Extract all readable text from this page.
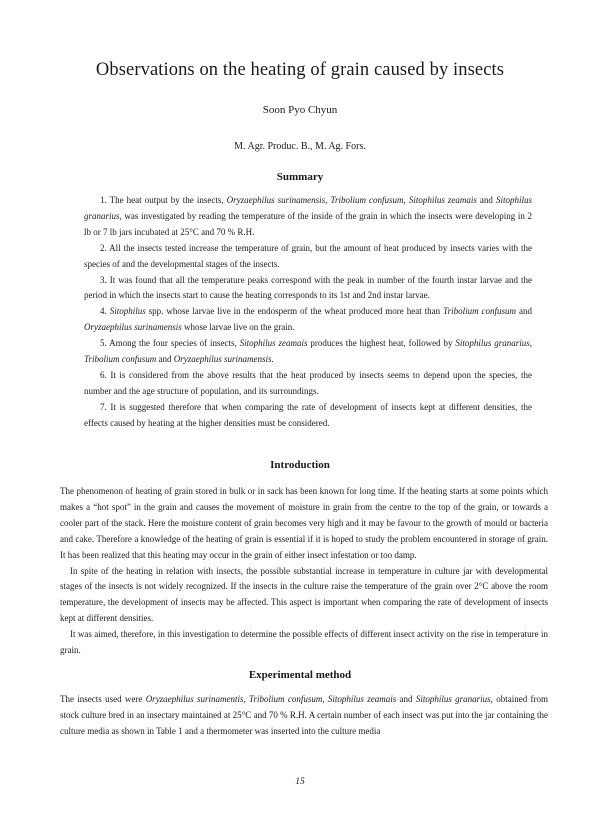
Observations on the heating of grain caused by insects
Soon Pyo Chyun
M. Agr. Produc. B., M. Ag. Fors.
Summary

1. The heat output by the insects, Oryzaephilus surinamensis, Tribolium confusum, Sitophilus zeamais and Sitophilus granarius, was investigated by reading the temperature of the inside of the grain in which the insects were developing in 2 lb or 7 lb jars incubated at 25°C and 70 % R.H.

2. All the insects tested increase the temperature of grain, but the amount of heat produced by insects varies with the species of and the developmental stages of the insects.

3. It was found that all the temperature peaks correspond with the peak in number of the fourth instar larvae and the period in which the insects start to cause the heating corresponds to its 1st and 2nd instar larvae.

4. Sitophilus spp. whose larvae live in the endosperm of the wheat produced more heat than Tribolium confusum and Oryzaephilus surinamensis whose larvae live on the grain.

5. Among the four species of insects, Sitophilus zeamais produces the highest heat, followed by Sitophilus granarius, Tribolium confusum and Oryzaephilus surinamensis.

6. It is considered from the above results that the heat produced by insects seems to depend upon the species, the number and the age structure of population, and its surroundings.

7. It is suggested therefore that when comparing the rate of development of insects kept at different densities, the effects caused by heating at the higher densities must be considered.

Introduction

The phenomenon of heating of grain stored in bulk or in sack has been known for long time. If the heating starts at some points which makes a “hot spot” in the grain and causes the movement of moisture in grain from the centre to the top of the grain, or towards a cooler part of the stack. Here the moisture content of grain becomes very high and it may be favour to the growth of mould or bacteria and cake. Therefore a knowledge of the heating of grain is essential if it is hoped to study the problem encountered in storage of grain. It has been realized that this heating may occur in the grain of either insect infestation or too damp.

In spite of the heating in relation with insects, the possible substantial increase in temperature in culture jar with developmental stages of the insects is not widely recognized. If the insects in the culture raise the temperature of the grain over 2°C above the room temperature, the development of insects may be affected. This aspect is important when comparing the rate of development of insects kept at different densities.

It was aimed, therefore, in this investigation to determine the possible effects of different insect activity on the rise in temperature in grain.

Experimental method

The insects used were Oryzaephilus surinamentis, Tribolium confusum, Sitophilus zeamais and Sitophilus granarius, obtained from stock culture bred in an insectary maintained at 25°C and 70 % R.H. A certain number of each insect was put into the jar containing the culture media as shown in Table 1 and a thermometer was inserted into the culture media

15
